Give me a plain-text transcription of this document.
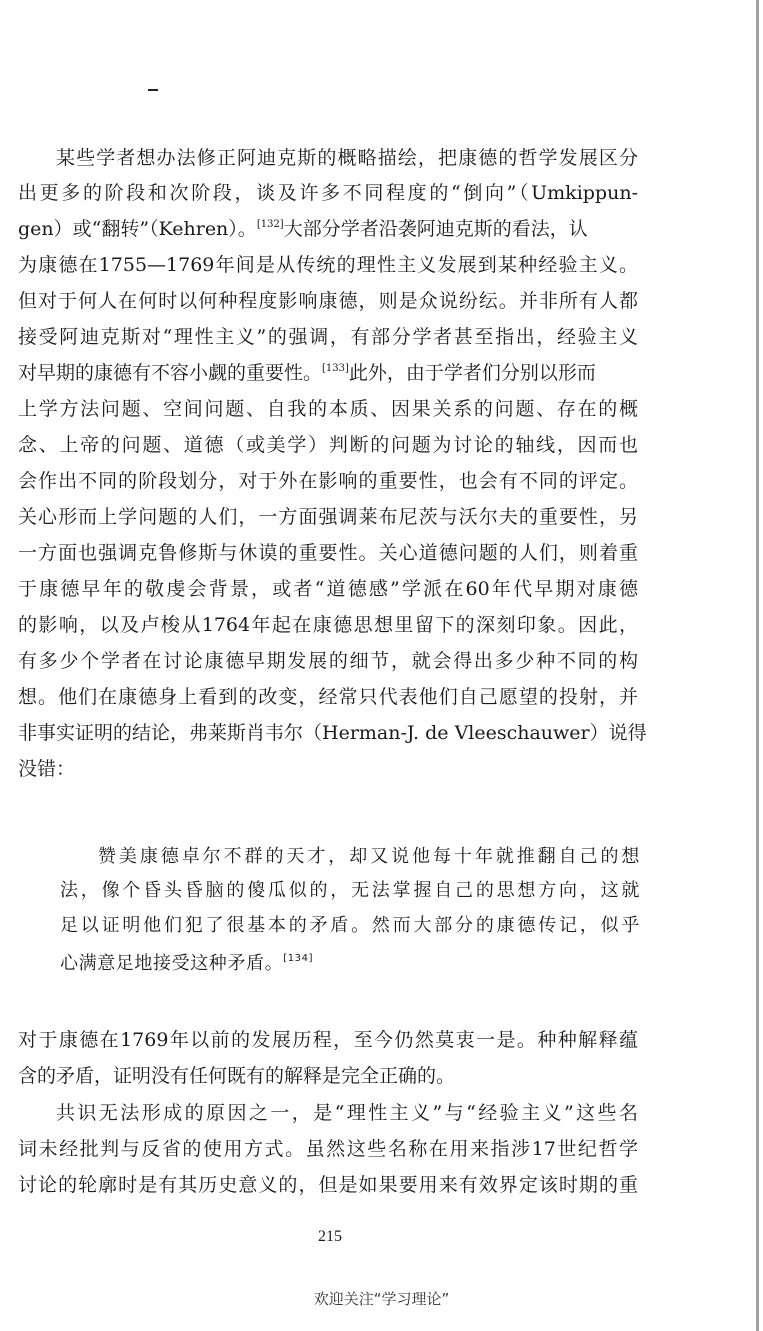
某些学者想办法修正阿迪克斯的概略描绘，把康德的哲学发展区分
出更多的阶段和次阶段，谈及许多不同程度的“倒向”（Umkippun-
gen）或“翻转”（Kehren）。[132]大部分学者沿袭阿迪克斯的看法，认
为康德在1755—1769年间是从传统的理性主义发展到某种经验主义。
但对于何人在何时以何种程度影响康德，则是众说纷纭。并非所有人都
接受阿迪克斯对“理性主义”的强调，有部分学者甚至指出，经验主义
对早期的康德有不容小觑的重要性。[133]此外，由于学者们分别以形而
上学方法问题、空间问题、自我的本质、因果关系的问题、存在的概
念、上帝的问题、道德（或美学）判断的问题为讨论的轴线，因而也
会作出不同的阶段划分，对于外在影响的重要性，也会有不同的评定。
关心形而上学问题的人们，一方面强调莱布尼茨与沃尔夫的重要性，另
一方面也强调克鲁修斯与休谟的重要性。关心道德问题的人们，则着重
于康德早年的敬虔会背景，或者“道德感”学派在60年代早期对康德
的影响，以及卢梭从1764年起在康德思想里留下的深刻印象。因此，
有多少个学者在讨论康德早期发展的细节，就会得出多少种不同的构
想。他们在康德身上看到的改变，经常只代表他们自己愿望的投射，并
非事实证明的结论，弗莱斯肖韦尔（Herman-J. de Vleeschauwer）说得
没错：
赞美康德卓尔不群的天才，却又说他每十年就推翻自己的想
法，像个昏头昏脑的傻瓜似的，无法掌握自己的思想方向，这就
足以证明他们犯了很基本的矛盾。然而大部分的康德传记，似乎
心满意足地接受这种矛盾。[134]
对于康德在1769年以前的发展历程，至今仍然莫衷一是。种种解释蕴
含的矛盾，证明没有任何既有的解释是完全正确的。
共识无法形成的原因之一，是“理性主义”与“经验主义”这些名
词未经批判与反省的使用方式。虽然这些名称在用来指涉17世纪哲学
讨论的轮廓时是有其历史意义的，但是如果要用来有效界定该时期的重
215
欢迎关注“学习理论”
